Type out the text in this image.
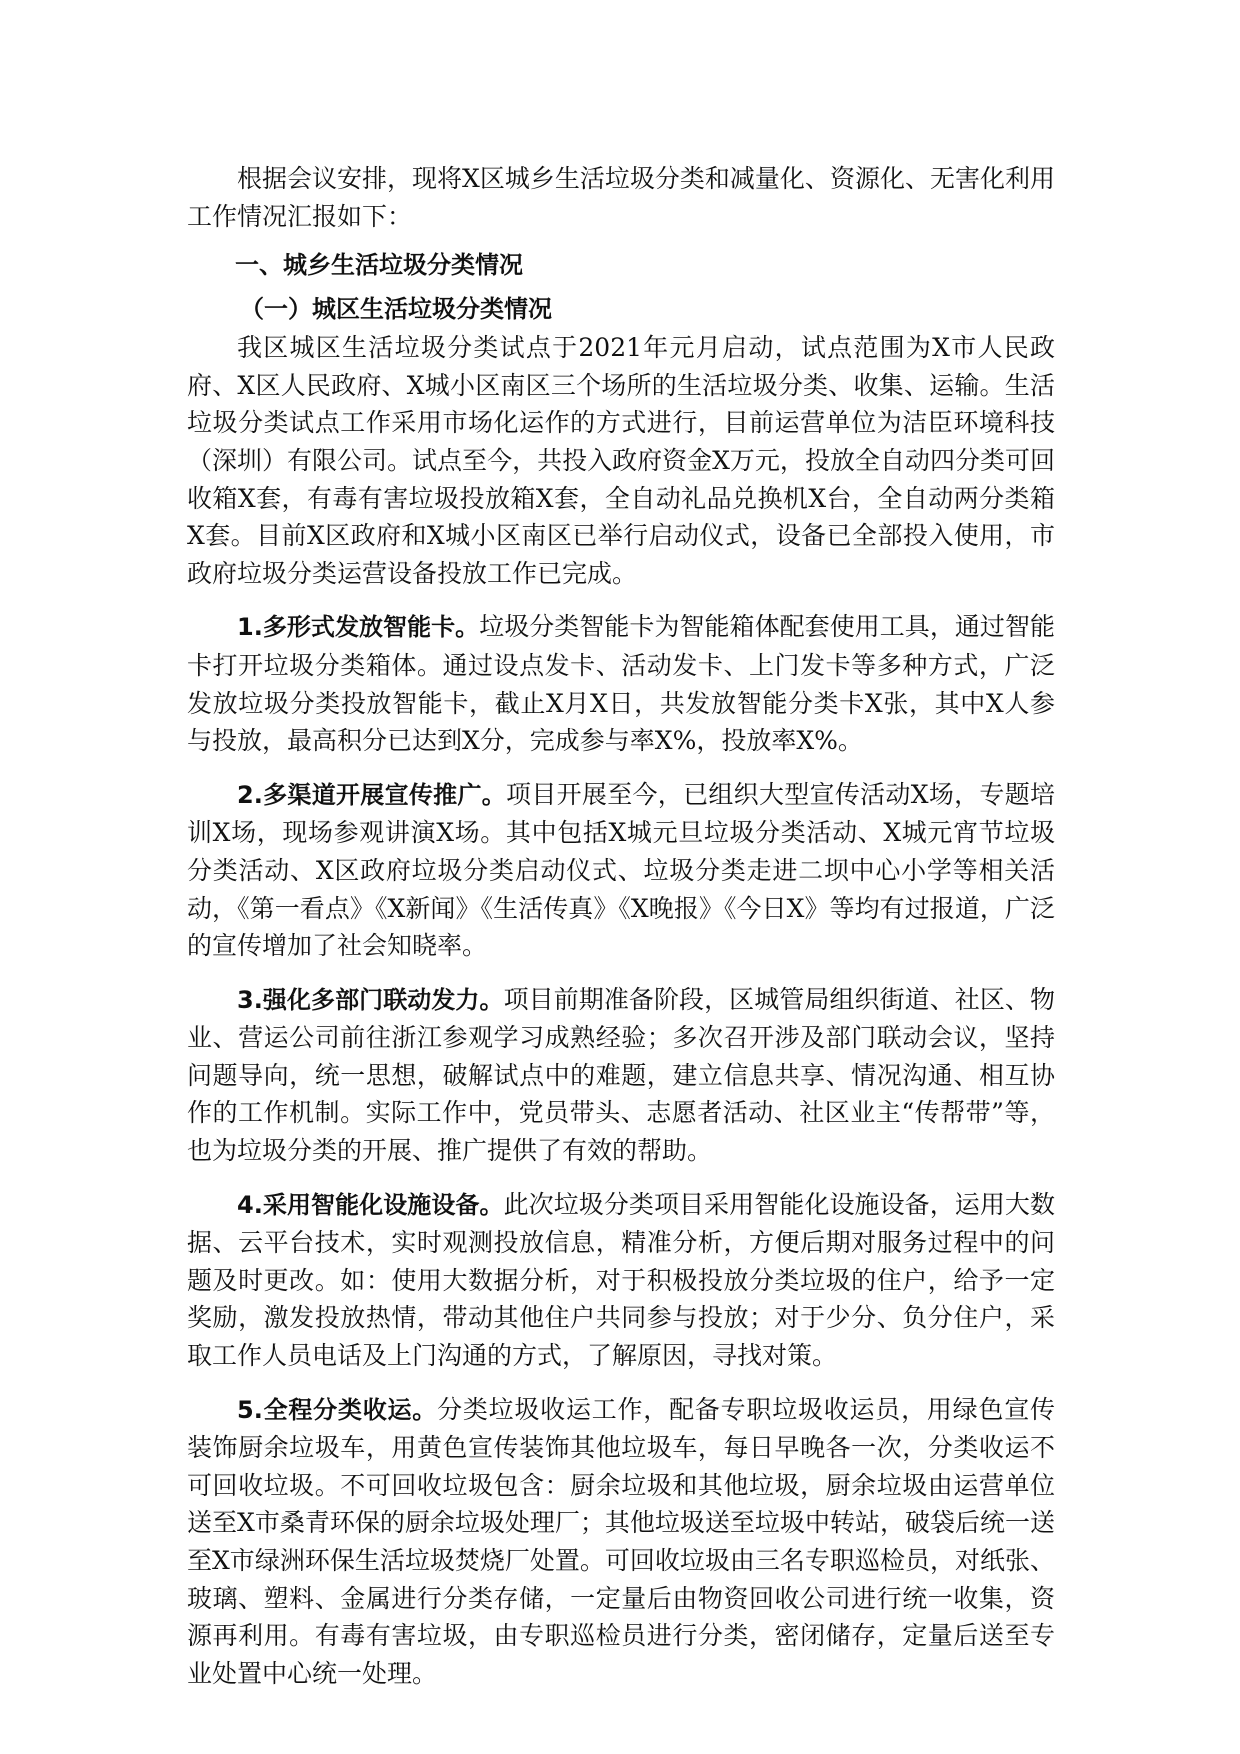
根据会议安排，现将X区城乡生活垃圾分类和减量化、资源化、无害化利用工作情况汇报如下：

一、城乡生活垃圾分类情况
（一）城区生活垃圾分类情况

我区城区生活垃圾分类试点于2021年元月启动，试点范围为X市人民政府、X区人民政府、X城小区南区三个场所的生活垃圾分类、收集、运输。生活垃圾分类试点工作采用市场化运作的方式进行，目前运营单位为洁臣环境科技（深圳）有限公司。试点至今，共投入政府资金X万元，投放全自动四分类可回收箱X套，有毒有害垃圾投放箱X套，全自动礼品兑换机X台，全自动两分类箱X套。目前X区政府和X城小区南区已举行启动仪式，设备已全部投入使用，市政府垃圾分类运营设备投放工作已完成。

1.多形式发放智能卡。垃圾分类智能卡为智能箱体配套使用工具，通过智能卡打开垃圾分类箱体。通过设点发卡、活动发卡、上门发卡等多种方式，广泛发放垃圾分类投放智能卡，截止X月X日，共发放智能分类卡X张，其中X人参与投放，最高积分已达到X分，完成参与率X%，投放率X%。

2.多渠道开展宣传推广。项目开展至今，已组织大型宣传活动X场，专题培训X场，现场参观讲演X场。其中包括X城元旦垃圾分类活动、X城元宵节垃圾分类活动、X区政府垃圾分类启动仪式、垃圾分类走进二坝中心小学等相关活动，《第一看点》《X新闻》《生活传真》《X晚报》《今日X》等均有过报道，广泛的宣传增加了社会知晓率。

3.强化多部门联动发力。项目前期准备阶段，区城管局组织街道、社区、物业、营运公司前往浙江参观学习成熟经验；多次召开涉及部门联动会议，坚持问题导向，统一思想，破解试点中的难题，建立信息共享、情况沟通、相互协作的工作机制。实际工作中，党员带头、志愿者活动、社区业主“传帮带”等，也为垃圾分类的开展、推广提供了有效的帮助。

4.采用智能化设施设备。此次垃圾分类项目采用智能化设施设备，运用大数据、云平台技术，实时观测投放信息，精准分析，方便后期对服务过程中的问题及时更改。如：使用大数据分析，对于积极投放分类垃圾的住户，给予一定奖励，激发投放热情，带动其他住户共同参与投放；对于少分、负分住户，采取工作人员电话及上门沟通的方式，了解原因，寻找对策。

5.全程分类收运。分类垃圾收运工作，配备专职垃圾收运员，用绿色宣传装饰厨余垃圾车，用黄色宣传装饰其他垃圾车，每日早晚各一次，分类收运不可回收垃圾。不可回收垃圾包含：厨余垃圾和其他垃圾，厨余垃圾由运营单位送至X市桑青环保的厨余垃圾处理厂；其他垃圾送至垃圾中转站，破袋后统一送至X市绿洲环保生活垃圾焚烧厂处置。可回收垃圾由三名专职巡检员，对纸张、玻璃、塑料、金属进行分类存储，一定量后由物资回收公司进行统一收集，资源再利用。有毒有害垃圾，由专职巡检员进行分类，密闭储存，定量后送至专业处置中心统一处理。
